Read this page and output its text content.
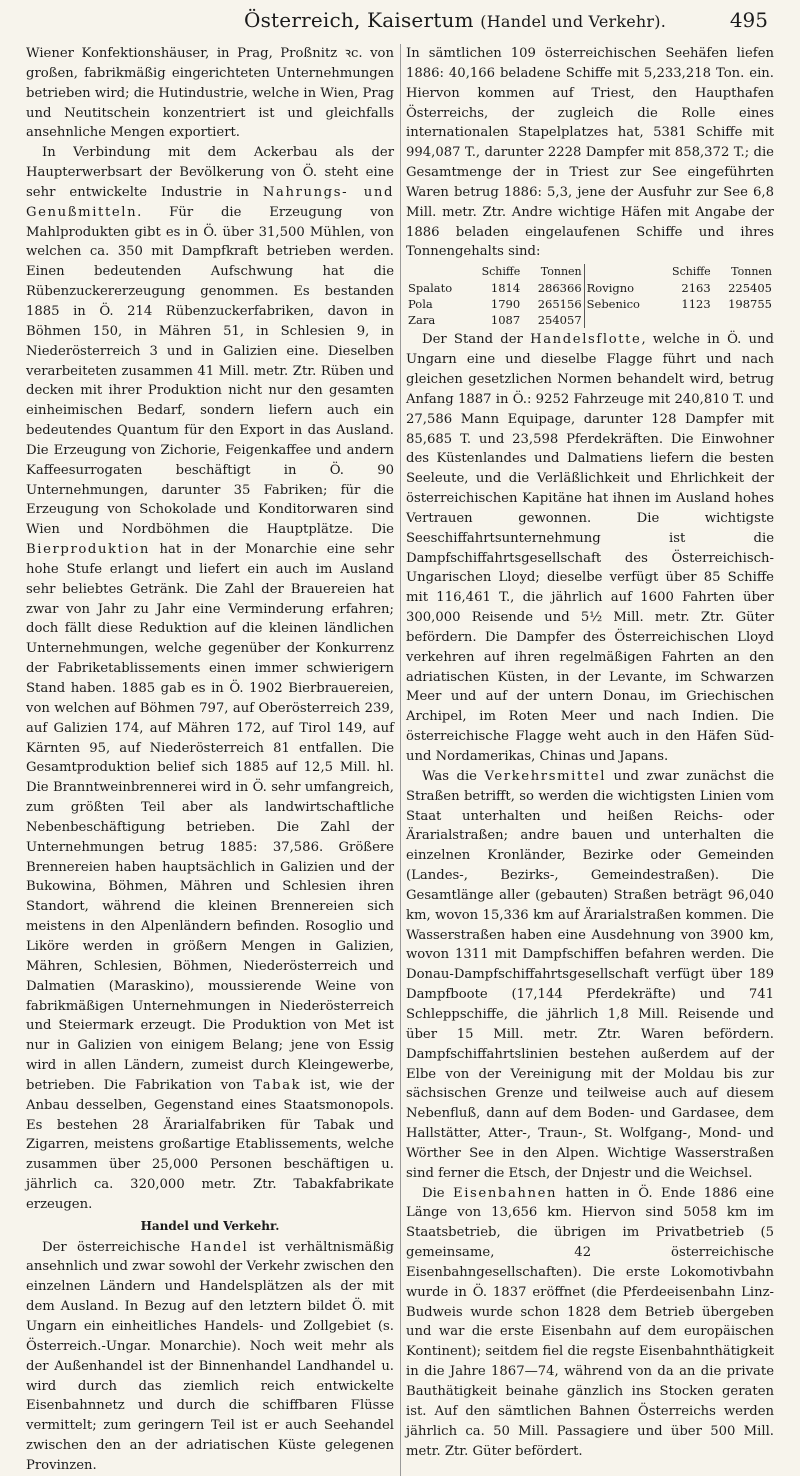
Österreich, Kaisertum (Handel und Verkehr).	495

Wiener Konfektionshäuser, in Prag, Proßnitz ꝛc. von großen, fabrikmäßig eingerichteten Unternehmungen betrieben wird; die Hutindustrie, welche in Wien, Prag und Neutitschein konzentriert ist und gleichfalls ansehnliche Mengen exportiert.

In Verbindung mit dem Ackerbau als der Haupterwerbsart der Bevölkerung von Ö. steht eine sehr entwickelte Industrie in Nahrungs- und Genußmitteln. Für die Erzeugung von Mahlprodukten gibt es in Ö. über 31,500 Mühlen, von welchen ca. 350 mit Dampfkraft betrieben werden. Einen bedeutenden Aufschwung hat die Rübenzuckererzeugung genommen. Es bestanden 1885 in Ö. 214 Rübenzuckerfabriken, davon in Böhmen 150, in Mähren 51, in Schlesien 9, in Niederösterreich 3 und in Galizien eine. Dieselben verarbeiteten zusammen 41 Mill. metr. Ztr. Rüben und decken mit ihrer Produktion nicht nur den gesamten einheimischen Bedarf, sondern liefern auch ein bedeutendes Quantum für den Export in das Ausland. Die Erzeugung von Zichorie, Feigenkaffee und andern Kaffeesurrogaten beschäftigt in Ö. 90 Unternehmungen, darunter 35 Fabriken; für die Erzeugung von Schokolade und Konditorwaren sind Wien und Nordböhmen die Hauptplätze. Die Bierproduktion hat in der Monarchie eine sehr hohe Stufe erlangt und liefert ein auch im Ausland sehr beliebtes Getränk. Die Zahl der Brauereien hat zwar von Jahr zu Jahr eine Verminderung erfahren; doch fällt diese Reduktion auf die kleinen ländlichen Unternehmungen, welche gegenüber der Konkurrenz der Fabriketablissements einen immer schwierigern Stand haben. 1885 gab es in Ö. 1902 Bierbrauereien, von welchen auf Böhmen 797, auf Oberösterreich 239, auf Galizien 174, auf Mähren 172, auf Tirol 149, auf Kärnten 95, auf Niederösterreich 81 entfallen. Die Gesamtproduktion belief sich 1885 auf 12,5 Mill. hl. Die Branntweinbrennerei wird in Ö. sehr umfangreich, zum größten Teil aber als landwirtschaftliche Nebenbeschäftigung betrieben. Die Zahl der Unternehmungen betrug 1885: 37,586. Größere Brennereien haben hauptsächlich in Galizien und der Bukowina, Böhmen, Mähren und Schlesien ihren Standort, während die kleinen Brennereien sich meistens in den Alpenländern befinden. Rosoglio und Liköre werden in größern Mengen in Galizien, Mähren, Schlesien, Böhmen, Niederösterreich und Dalmatien (Maraskino), moussierende Weine von fabrikmäßigen Unternehmungen in Niederösterreich und Steiermark erzeugt. Die Produktion von Met ist nur in Galizien von einigem Belang; jene von Essig wird in allen Ländern, zumeist durch Kleingewerbe, betrieben. Die Fabrikation von Tabak ist, wie der Anbau desselben, Gegenstand eines Staatsmonopols. Es bestehen 28 Ärarialfabriken für Tabak und Zigarren, meistens großartige Etablissements, welche zusammen über 25,000 Personen beschäftigen u. jährlich ca. 320,000 metr. Ztr. Tabakfabrikate erzeugen.

Handel und Verkehr.

Der österreichische Handel ist verhältnismäßig ansehnlich und zwar sowohl der Verkehr zwischen den einzelnen Ländern und Handelsplätzen als der mit dem Ausland. In Bezug auf den letztern bildet Ö. mit Ungarn ein einheitliches Handels- und Zollgebiet (s. Österreich.-Ungar. Monarchie). Noch weit mehr als der Außenhandel ist der Binnenhandel Landhandel u. wird durch das ziemlich reich entwickelte Eisenbahnnetz und durch die schiffbaren Flüsse vermittelt; zum geringern Teil ist er auch Seehandel zwischen den an der adriatischen Küste gelegenen Provinzen.

In sämtlichen 109 österreichischen Seehäfen liefen 1886: 40,166 beladene Schiffe mit 5,233,218 Ton. ein. Hiervon kommen auf Triest, den Haupthafen Österreichs, der zugleich die Rolle eines internationalen Stapelplatzes hat, 5381 Schiffe mit 994,087 T., darunter 2228 Dampfer mit 858,372 T.; die Gesamtmenge der in Triest zur See eingeführten Waren betrug 1886: 5,3, jene der Ausfuhr zur See 6,8 Mill. metr. Ztr. Andre wichtige Häfen mit Angabe der 1886 beladen eingelaufenen Schiffe und ihres Tonnengehalts sind:

	Schiffe	Tonnen		Schiffe	Tonnen
Spalato	1814	286366	Rovigno	2163	225405
Pola	1790	265156	Sebenico	1123	198755
Zara	1087	254057			

Der Stand der Handelsflotte, welche in Ö. und Ungarn eine und dieselbe Flagge führt und nach gleichen gesetzlichen Normen behandelt wird, betrug Anfang 1887 in Ö.: 9252 Fahrzeuge mit 240,810 T. und 27,586 Mann Equipage, darunter 128 Dampfer mit 85,685 T. und 23,598 Pferdekräften. Die Einwohner des Küstenlandes und Dalmatiens liefern die besten Seeleute, und die Verläßlichkeit und Ehrlichkeit der österreichischen Kapitäne hat ihnen im Ausland hohes Vertrauen gewonnen. Die wichtigste Seeschiffahrtsunternehmung ist die Dampfschiffahrtsgesellschaft des Österreichisch-Ungarischen Lloyd; dieselbe verfügt über 85 Schiffe mit 116,461 T., die jährlich auf 1600 Fahrten über 300,000 Reisende und 5½ Mill. metr. Ztr. Güter befördern. Die Dampfer des Österreichischen Lloyd verkehren auf ihren regelmäßigen Fahrten an den adriatischen Küsten, in der Levante, im Schwarzen Meer und auf der untern Donau, im Griechischen Archipel, im Roten Meer und nach Indien. Die österreichische Flagge weht auch in den Häfen Süd- und Nordamerikas, Chinas und Japans.

Was die Verkehrsmittel und zwar zunächst die Straßen betrifft, so werden die wichtigsten Linien vom Staat unterhalten und heißen Reichs- oder Ärarialstraßen; andre bauen und unterhalten die einzelnen Kronländer, Bezirke oder Gemeinden (Landes-, Bezirks-, Gemeindestraßen). Die Gesamtlänge aller (gebauten) Straßen beträgt 96,040 km, wovon 15,336 km auf Ärarialstraßen kommen. Die Wasserstraßen haben eine Ausdehnung von 3900 km, wovon 1311 mit Dampfschiffen befahren werden. Die Donau-Dampfschiffahrtsgesellschaft verfügt über 189 Dampfboote (17,144 Pferdekräfte) und 741 Schleppschiffe, die jährlich 1,8 Mill. Reisende und über 15 Mill. metr. Ztr. Waren befördern. Dampfschiffahrtslinien bestehen außerdem auf der Elbe von der Vereinigung mit der Moldau bis zur sächsischen Grenze und teilweise auch auf diesem Nebenfluß, dann auf dem Boden- und Gardasee, dem Hallstätter, Atter-, Traun-, St. Wolfgang-, Mond- und Wörther See in den Alpen. Wichtige Wasserstraßen sind ferner die Etsch, der Dnjestr und die Weichsel.

Die Eisenbahnen hatten in Ö. Ende 1886 eine Länge von 13,656 km. Hiervon sind 5058 km im Staatsbetrieb, die übrigen im Privatbetrieb (5 gemeinsame, 42 österreichische Eisenbahngesellschaften). Die erste Lokomotivbahn wurde in Ö. 1837 eröffnet (die Pferdeeisenbahn Linz-Budweis wurde schon 1828 dem Betrieb übergeben und war die erste Eisenbahn auf dem europäischen Kontinent); seitdem fiel die regste Eisenbahnthätigkeit in die Jahre 1867—74, während von da an die private Bauthätigkeit beinahe gänzlich ins Stocken geraten ist. Auf den sämtlichen Bahnen Österreichs werden jährlich ca. 50 Mill. Passagiere und über 500 Mill. metr. Ztr. Güter befördert.
